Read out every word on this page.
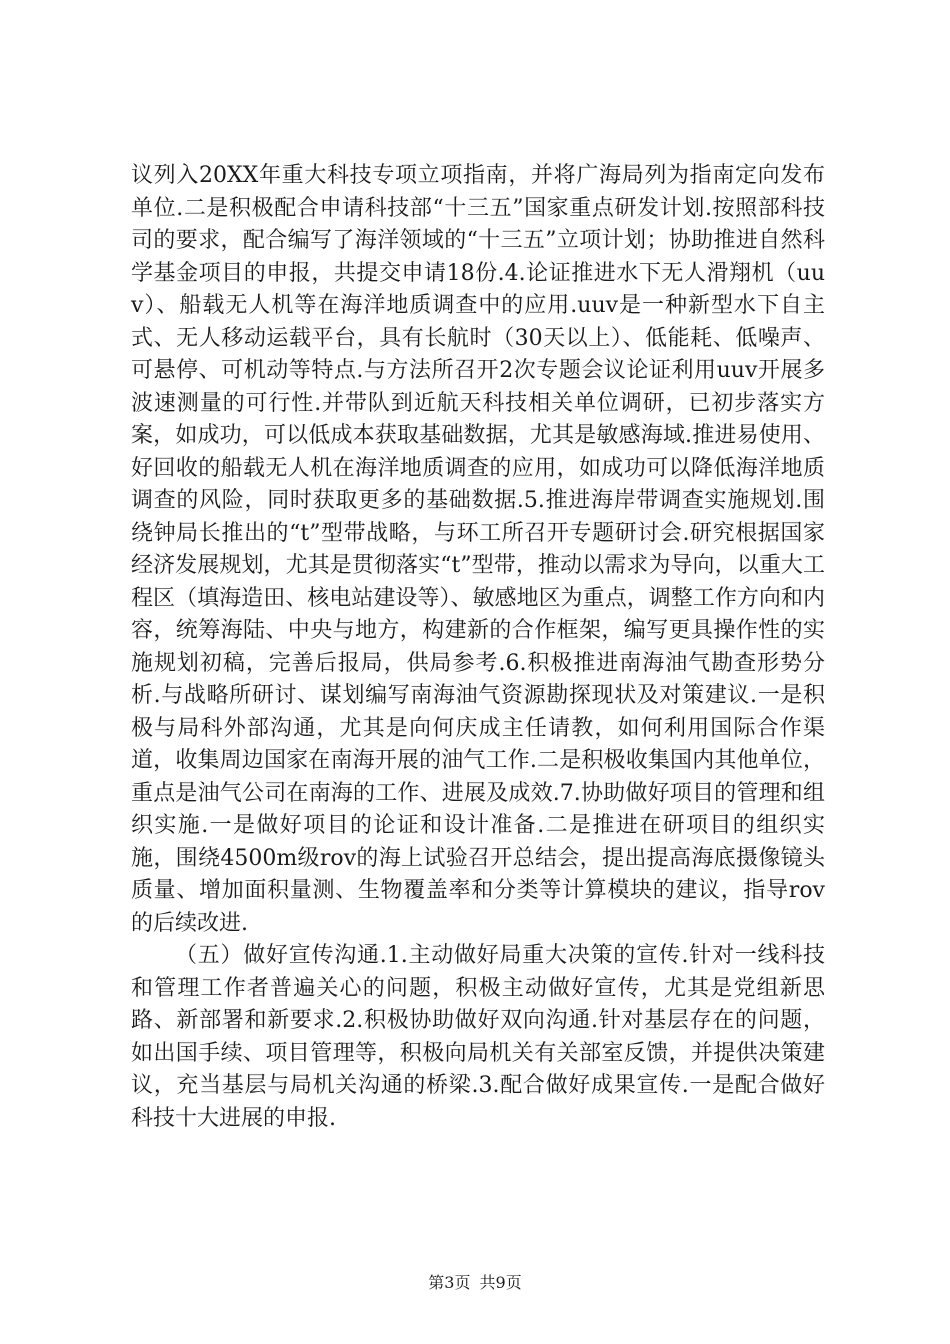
议列入20XX年重大科技专项立项指南，并将广海局列为指南定向发布单位.二是积极配合申请科技部“十三五”国家重点研发计划.按照部科技司的要求，配合编写了海洋领域的“十三五”立项计划；协助推进自然科学基金项目的申报，共提交申请18份.4.论证推进水下无人滑翔机（uuv）、船载无人机等在海洋地质调查中的应用.uuv是一种新型水下自主式、无人移动运载平台，具有长航时（30天以上）、低能耗、低噪声、可悬停、可机动等特点.与方法所召开2次专题会议论证利用uuv开展多波速测量的可行性.并带队到近航天科技相关单位调研，已初步落实方案，如成功，可以低成本获取基础数据，尤其是敏感海域.推进易使用、好回收的船载无人机在海洋地质调查的应用，如成功可以降低海洋地质调查的风险，同时获取更多的基础数据.5.推进海岸带调查实施规划.围绕钟局长推出的“t”型带战略，与环工所召开专题研讨会.研究根据国家经济发展规划，尤其是贯彻落实“t”型带，推动以需求为导向，以重大工程区（填海造田、核电站建设等）、敏感地区为重点，调整工作方向和内容，统筹海陆、中央与地方，构建新的合作框架，编写更具操作性的实施规划初稿，完善后报局，供局参考.6.积极推进南海油气勘查形势分析.与战略所研讨、谋划编写南海油气资源勘探现状及对策建议.一是积极与局科外部沟通，尤其是向何庆成主任请教，如何利用国际合作渠道，收集周边国家在南海开展的油气工作.二是积极收集国内其他单位，重点是油气公司在南海的工作、进展及成效.7.协助做好项目的管理和组织实施.一是做好项目的论证和设计准备.二是推进在研项目的组织实施，围绕4500m级rov的海上试验召开总结会，提出提高海底摄像镜头质量、增加面积量测、生物覆盖率和分类等计算模块的建议，指导rov的后续改进.

（五）做好宣传沟通.1.主动做好局重大决策的宣传.针对一线科技和管理工作者普遍关心的问题，积极主动做好宣传，尤其是党组新思路、新部署和新要求.2.积极协助做好双向沟通.针对基层存在的问题，如出国手续、项目管理等，积极向局机关有关部室反馈，并提供决策建议，充当基层与局机关沟通的桥梁.3.配合做好成果宣传.一是配合做好科技十大进展的申报.

第3页 共9页
